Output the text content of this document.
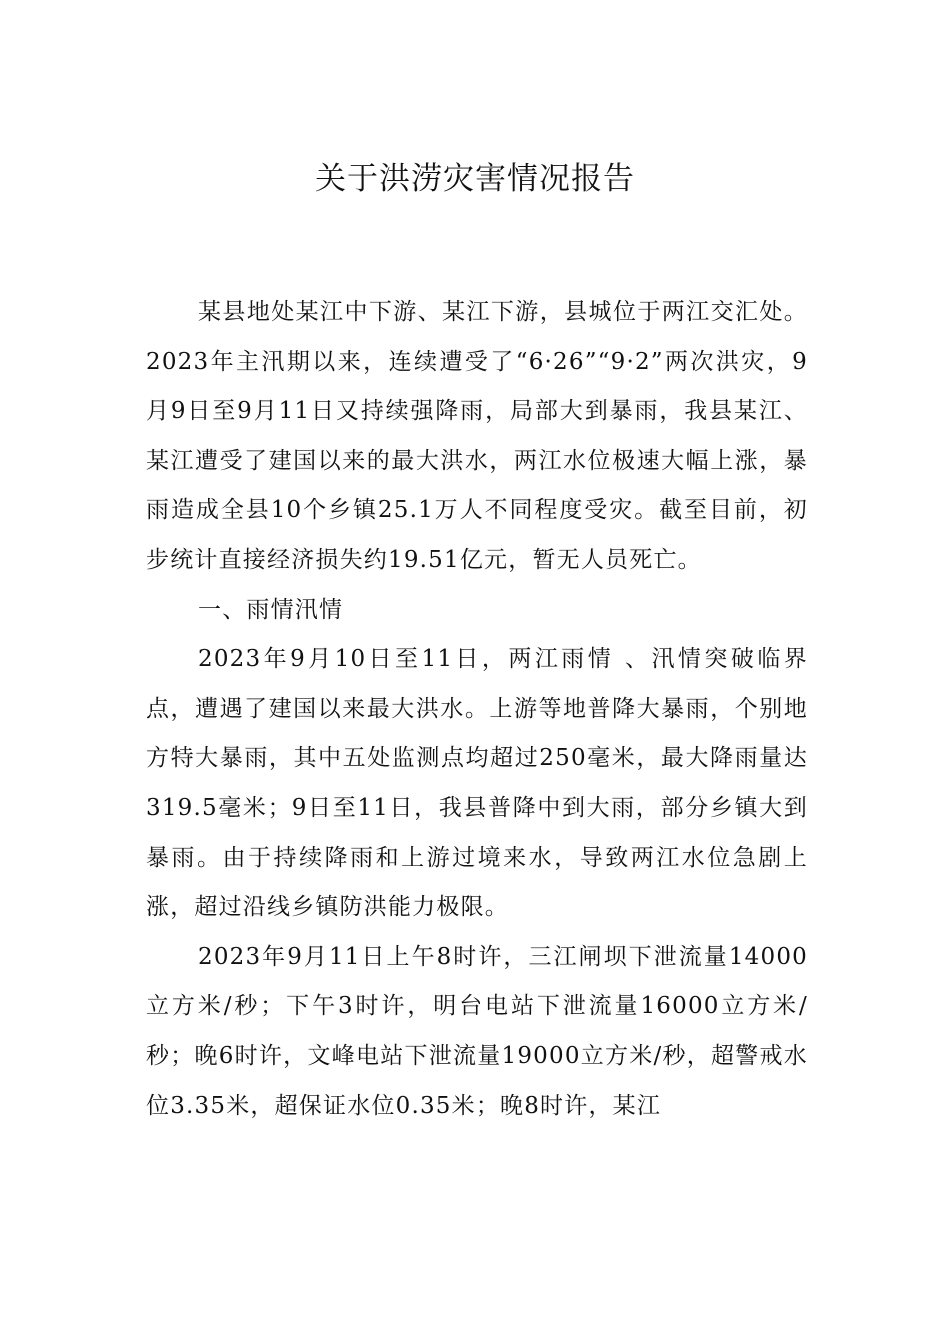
关于洪涝灾害情况报告

某县地处某江中下游、某江下游，县城位于两江交汇处。2023年主汛期以来，连续遭受了“6·26”“9·2”两次洪灾，9月9日至9月11日又持续强降雨，局部大到暴雨，我县某江、某江遭受了建国以来的最大洪水，两江水位极速大幅上涨，暴雨造成全县10个乡镇25.1万人不同程度受灾。截至目前，初步统计直接经济损失约19.51亿元，暂无人员死亡。

一、雨情汛情

2023年9月10日至11日，两江雨情 、汛情突破临界点，遭遇了建国以来最大洪水。上游等地普降大暴雨，个别地方特大暴雨，其中五处监测点均超过250毫米，最大降雨量达319.5毫米；9日至11日，我县普降中到大雨，部分乡镇大到暴雨。由于持续降雨和上游过境来水，导致两江水位急剧上涨，超过沿线乡镇防洪能力极限。

2023年9月11日上午8时许，三江闸坝下泄流量14000立方米/秒；下午3时许，明台电站下泄流量16000立方米/秒；晚6时许，文峰电站下泄流量19000立方米/秒，超警戒水位3.35米，超保证水位0.35米；晚8时许，某江
